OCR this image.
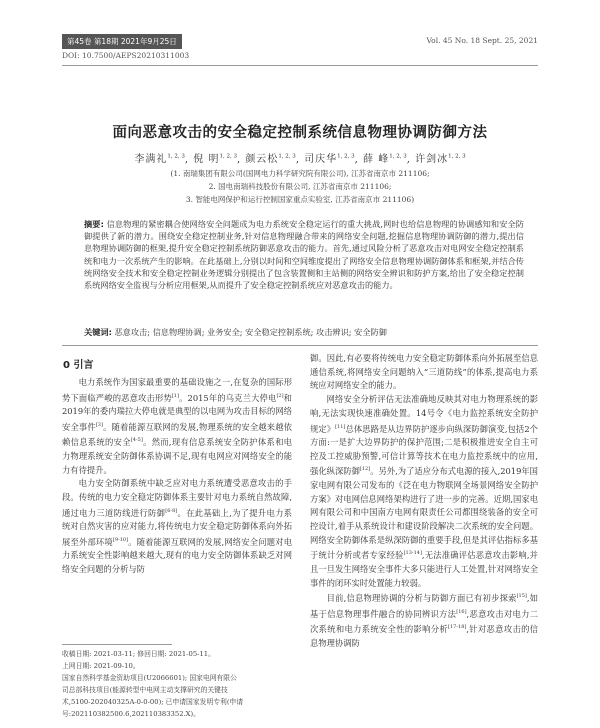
第45卷 第18期 2021年9月25日	Vol. 45 No. 18 Sept. 25, 2021
DOI: 10.7500/AEPS20210311003
面向恶意攻击的安全稳定控制系统信息物理协调防御方法
李满礼$^{1, 2, 3}$, 倪 明$^{1, 2, 3}$, 颜云松$^{1, 2, 3}$, 司庆华$^{1, 2, 3}$, 薛 峰$^{1, 2, 3}$, 许剑冰$^{1, 2, 3}$
(1. 南瑞集团有限公司(国网电力科学研究院有限公司), 江苏省南京市 211106;
2. 国电南瑞科技股份有限公司, 江苏省南京市 211106;
3. 智能电网保护和运行控制国家重点实验室, 江苏省南京市 211106)
摘要: 信息物理的紧密耦合使网络安全问题成为电力系统安全稳定运行的重大挑战,网时也给信息物理的协调感知和安全防御提供了新的潜力。围绕安全稳定控制业务,针对信息物理融合带来的网络安全问题,挖掘信息物理协调防御的潜力,提出信息物理协调防御的框架,提升安全稳定控制系统防御恶意攻击的能力。首先,通过风险分析了恶意攻击对电网安全稳定控制系统和电力一次系统产生的影响。在此基础上,分别以时间和空间维度提出了网络安全信息物理协调防御体系和框架,并结合传统网络安全技术和安全稳定控制业务逻辑分别提出了包含装置侧和主站侧的网络安全辨识和防护方案,给出了安全稳定控制系统网络安全监视与分析应用框架,从而提升了安全稳定控制系统应对恶意攻击的能力。
关键词: 恶意攻击; 信息物理协调; 业务安全; 安全稳定控制系统; 攻击辨识; 安全防御
0 引言

电力系统作为国家最重要的基础设施之一,在复杂的国际形势下面临严峻的恶意攻击形势[1]。2015年的乌克兰大停电[2]和2019年的委内瑞拉大停电就是典型的以电网为攻击目标的网络安全事件[3]。随着能源互联网的发展,物理系统的安全越来越依赖信息系统的安全[4-5]。然而,现有信息系统安全防护体系和电力物理系统安全防御体系协调不足,现有电网应对网络安全的能力有待提升。

电力安全防御系统中缺乏应对电力系统遭受恶意攻击的手段。传统的电力安全稳定防御体系主要针对电力系统自然故障,通过电力三道防线进行防御[6-8]。在此基础上,为了提升电力系统对自然灾害的应对能力,将传统电力安全稳定防御体系向外拓展至外部环境[9-10]。随着能源互联网的发展,网络安全问题对电力系统安全性影响越来越大,现有的电力安全防御体系缺乏对网络安全问题的分析与防

收稿日期: 2021-03-11; 修回日期: 2021-05-11。
上网日期: 2021-09-10。
国家自然科学基金资助项目(U2066601); 国家电网有限公
司总部科技项目(能源转型中电网主动支撑研究的关键技
术,5100-202040325A-0-0-00); 已申请国家发明专利(申请
号:202110382500.6,202110383352.X)。

御。因此,有必要将传统电力安全稳定防御体系向外拓展至信息通信系统,将网络安全问题纳入“三道防线”的体系,提高电力系统应对网络安全的能力。

网络安全分析评估无法准确地反映其对电力物理系统的影响,无法实现快速准确处置。14号令《电力监控系统安全防护规定》[11]总体思路是从边界防护逐步向纵深防御演变,包括2个方面:一是扩大边界防护的保护范围;二是积极推进安全自主可控及工控威胁预警,可信计算等技术在电力监控系统中的应用,强化纵深防御[12]。另外,为了适应分布式电源的接入,2019年国家电网有限公司发布的《泛在电力物联网全场景网络安全防护方案》对电网信息网络架构进行了进一步的完善。近期,国家电网有限公司和中国南方电网有限责任公司都围绕装备的安全可控设计,着手从系统设计和建设阶段解决二次系统的安全问题。网络安全防御体系是纵深防御的重要手段,但是其评估指标多基于统计分析或者专家经验[13-14],无法准确评估恶意攻击影响,并且一旦发生网络安全事件大多只能进行人工处置,针对网络安全事件的闭环实时处置能力较弱。

目前,信息物理协调的分析与防御方面已有初步探索[15],如基于信息物理事件融合的协同辨识方法[16],恶意攻击对电力二次系统和电力系统安全性的影响分析[17-18],针对恶意攻击的信息物理协调防
